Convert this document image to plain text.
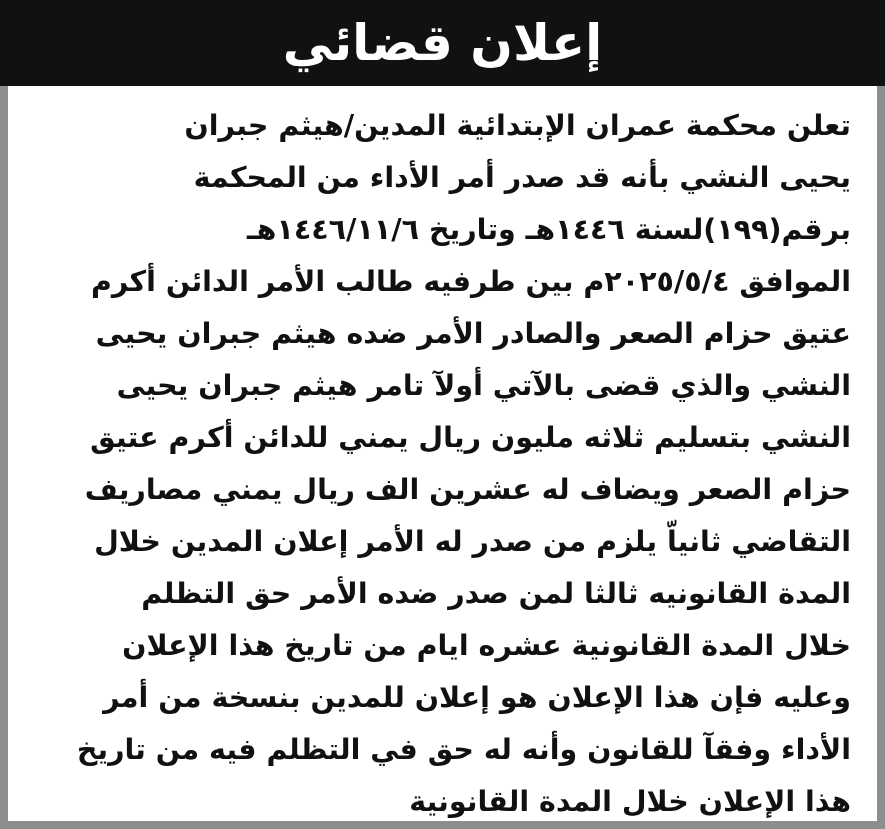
إعلان قضائي
تعلن محكمة عمران الإبتدائية المدين/هيثم جبران
يحيى النشي بأنه قد صدر أمر الأداء من المحكمة
برقم(١٩٩)لسنة ١٤٤٦هـ وتاريخ ١٤٤٦/١١/٦هـ
الموافق ٢٠٢٥/٥/٤م بين طرفيه طالب الأمر الدائن أكرم
عتيق حزام الصعر والصادر الأمر ضده هيثم جبران يحيى
النشي والذي قضى بالآتي أولآ تامر هيثم جبران يحيى
النشي بتسليم ثلاثه مليون ريال يمني للدائن أكرم عتيق
حزام الصعر ويضاف له عشرين الف ريال يمني مصاريف
التقاضي ثانياّ يلزم من صدر له الأمر إعلان المدين خلال
المدة القانونيه ثالثا لمن صدر ضده الأمر حق التظلم
خلال المدة القانونية عشره ايام من تاريخ هذا الإعلان
وعليه فإن هذا الإعلان هو إعلان للمدين بنسخة من أمر
الأداء وفقآ للقانون وأنه له حق في التظلم فيه من تاريخ
هذا الإعلان خلال المدة القانونية
